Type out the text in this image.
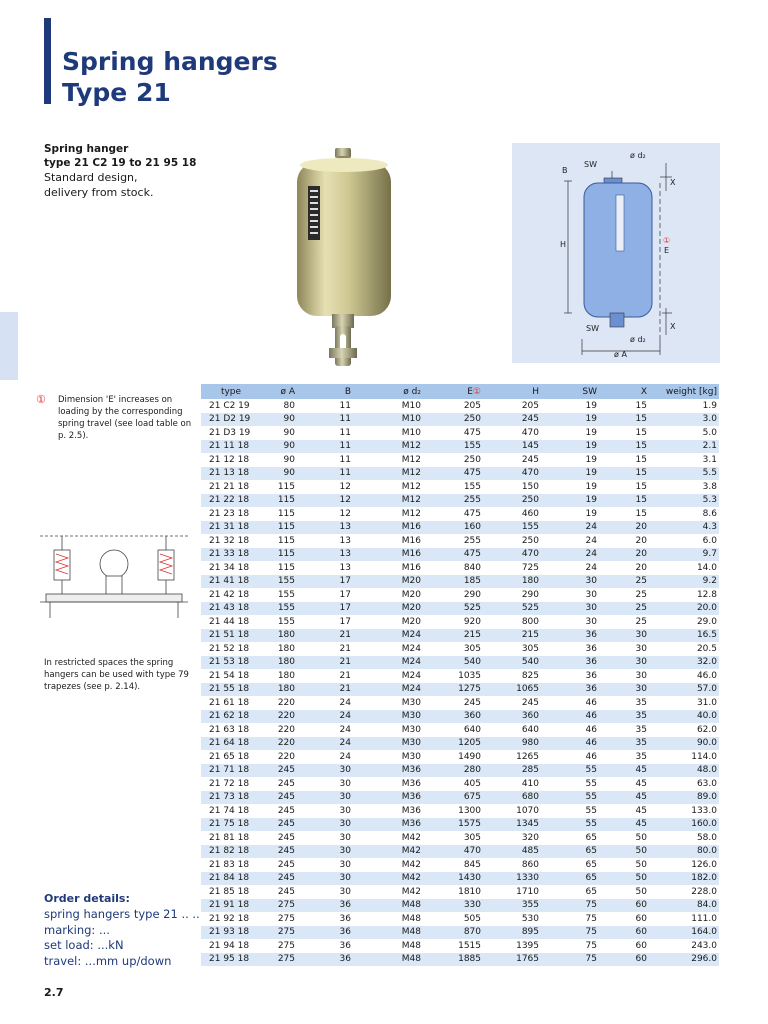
Spring hangers
Type 21
Spring hanger
type 21 C2 19 to 21 95 18
Standard design,
delivery from stock.
ø d₂
SW
B
X
H
E
①
X
SW
ø d₂
ø A
①	Dimension 'E' increases on loading by the corresponding spring travel (see load table on p. 2.5).
In restricted spaces the spring hangers can be used with type 79 trapezes (see p. 2.14).
Order details:
spring hangers type 21 .. ..
marking: ...
set load: ...kN
travel: ...mm up/down
2.7
type	ø A	B	ø d₂	E①	H	SW	X	weight [kg]
21 C2 19	80	11	M10	205	205	19	15	1.9
21 D2 19	90	11	M10	250	245	19	15	3.0
21 D3 19	90	11	M10	475	470	19	15	5.0
21 11 18	90	11	M12	155	145	19	15	2.1
21 12 18	90	11	M12	250	245	19	15	3.1
21 13 18	90	11	M12	475	470	19	15	5.5
21 21 18	115	12	M12	155	150	19	15	3.8
21 22 18	115	12	M12	255	250	19	15	5.3
21 23 18	115	12	M12	475	460	19	15	8.6
21 31 18	115	13	M16	160	155	24	20	4.3
21 32 18	115	13	M16	255	250	24	20	6.0
21 33 18	115	13	M16	475	470	24	20	9.7
21 34 18	115	13	M16	840	725	24	20	14.0
21 41 18	155	17	M20	185	180	30	25	9.2
21 42 18	155	17	M20	290	290	30	25	12.8
21 43 18	155	17	M20	525	525	30	25	20.0
21 44 18	155	17	M20	920	800	30	25	29.0
21 51 18	180	21	M24	215	215	36	30	16.5
21 52 18	180	21	M24	305	305	36	30	20.5
21 53 18	180	21	M24	540	540	36	30	32.0
21 54 18	180	21	M24	1035	825	36	30	46.0
21 55 18	180	21	M24	1275	1065	36	30	57.0
21 61 18	220	24	M30	245	245	46	35	31.0
21 62 18	220	24	M30	360	360	46	35	40.0
21 63 18	220	24	M30	640	640	46	35	62.0
21 64 18	220	24	M30	1205	980	46	35	90.0
21 65 18	220	24	M30	1490	1265	46	35	114.0
21 71 18	245	30	M36	280	285	55	45	48.0
21 72 18	245	30	M36	405	410	55	45	63.0
21 73 18	245	30	M36	675	680	55	45	89.0
21 74 18	245	30	M36	1300	1070	55	45	133.0
21 75 18	245	30	M36	1575	1345	55	45	160.0
21 81 18	245	30	M42	305	320	65	50	58.0
21 82 18	245	30	M42	470	485	65	50	80.0
21 83 18	245	30	M42	845	860	65	50	126.0
21 84 18	245	30	M42	1430	1330	65	50	182.0
21 85 18	245	30	M42	1810	1710	65	50	228.0
21 91 18	275	36	M48	330	355	75	60	84.0
21 92 18	275	36	M48	505	530	75	60	111.0
21 93 18	275	36	M48	870	895	75	60	164.0
21 94 18	275	36	M48	1515	1395	75	60	243.0
21 95 18	275	36	M48	1885	1765	75	60	296.0
